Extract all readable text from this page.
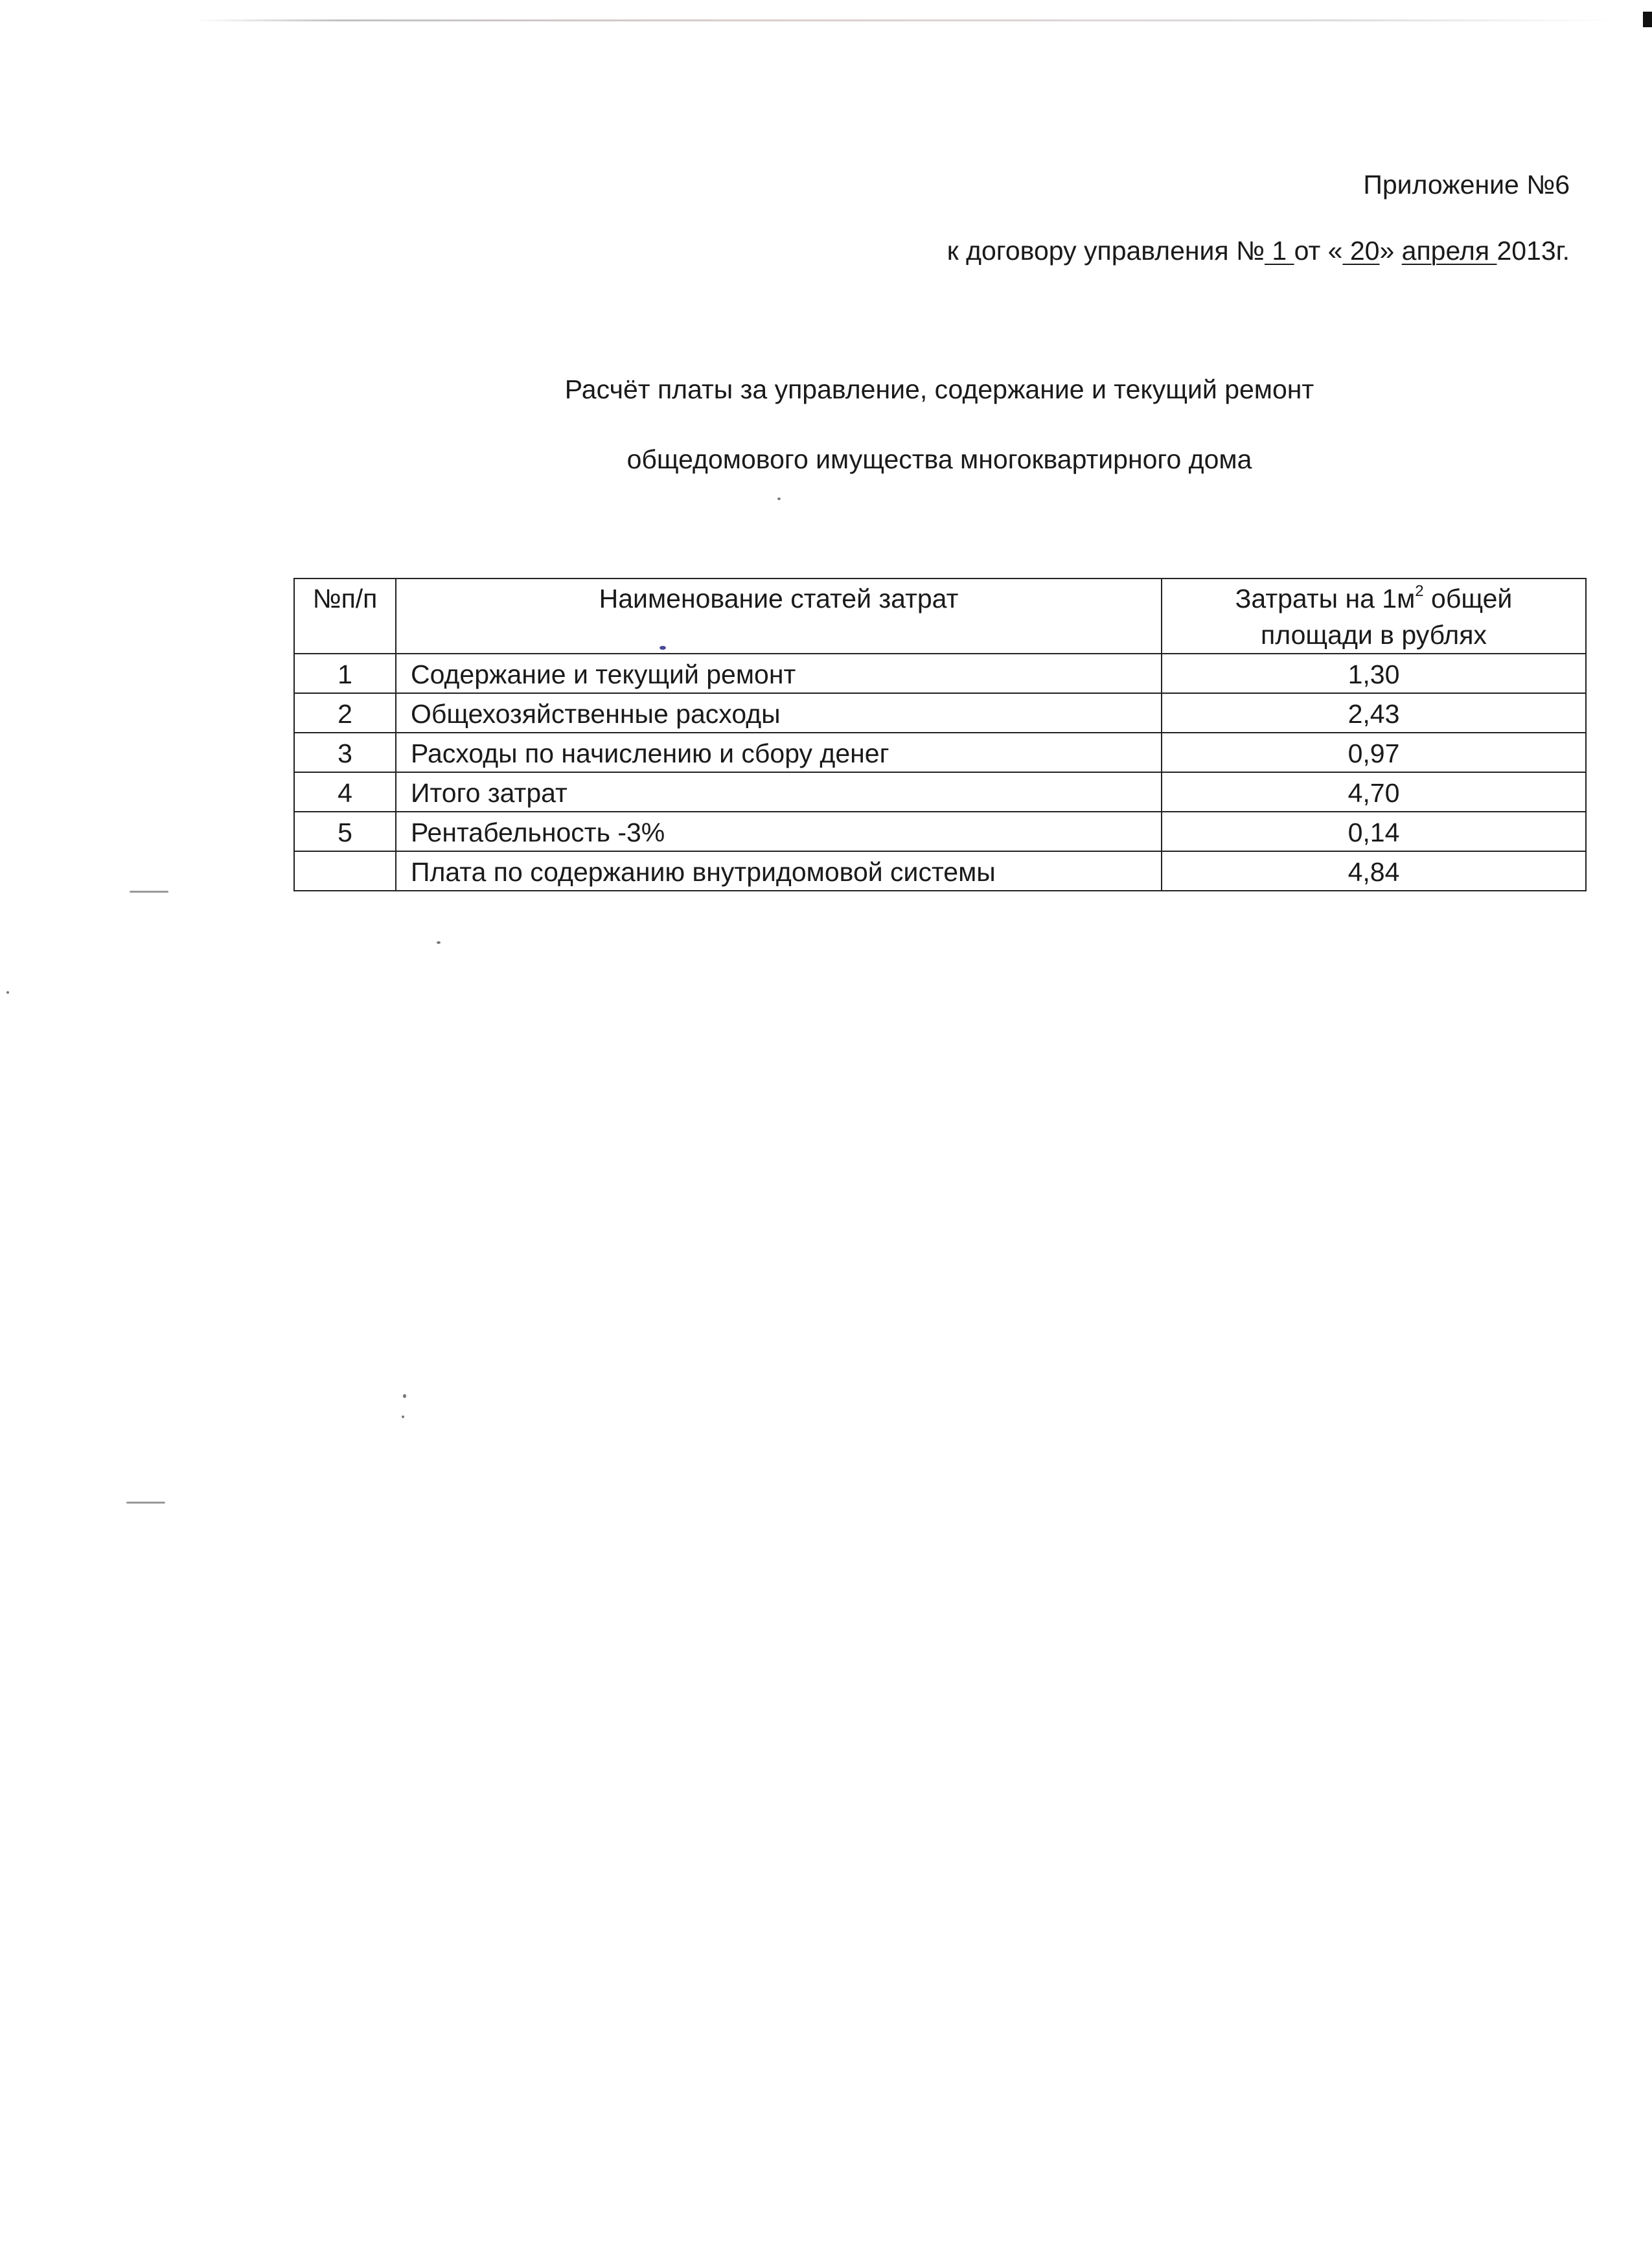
Приложение №6
к договору управления № 1 от « 20» апреля 2013г.
Расчёт платы за управление, содержание и текущий ремонт
общедомового имущества многоквартирного дома
№п/п	Наименование статей затрат	Затраты на $1м^2$ общей
площади в рублях
1	Содержание и текущий ремонт	1,30
2	Общехозяйственные расходы	2,43
3	Расходы по начислению и сбору денег	0,97
4	Итого затрат	4,70
5	Рентабельность -3%	0,14
	Плата по содержанию внутридомовой системы	4,84
